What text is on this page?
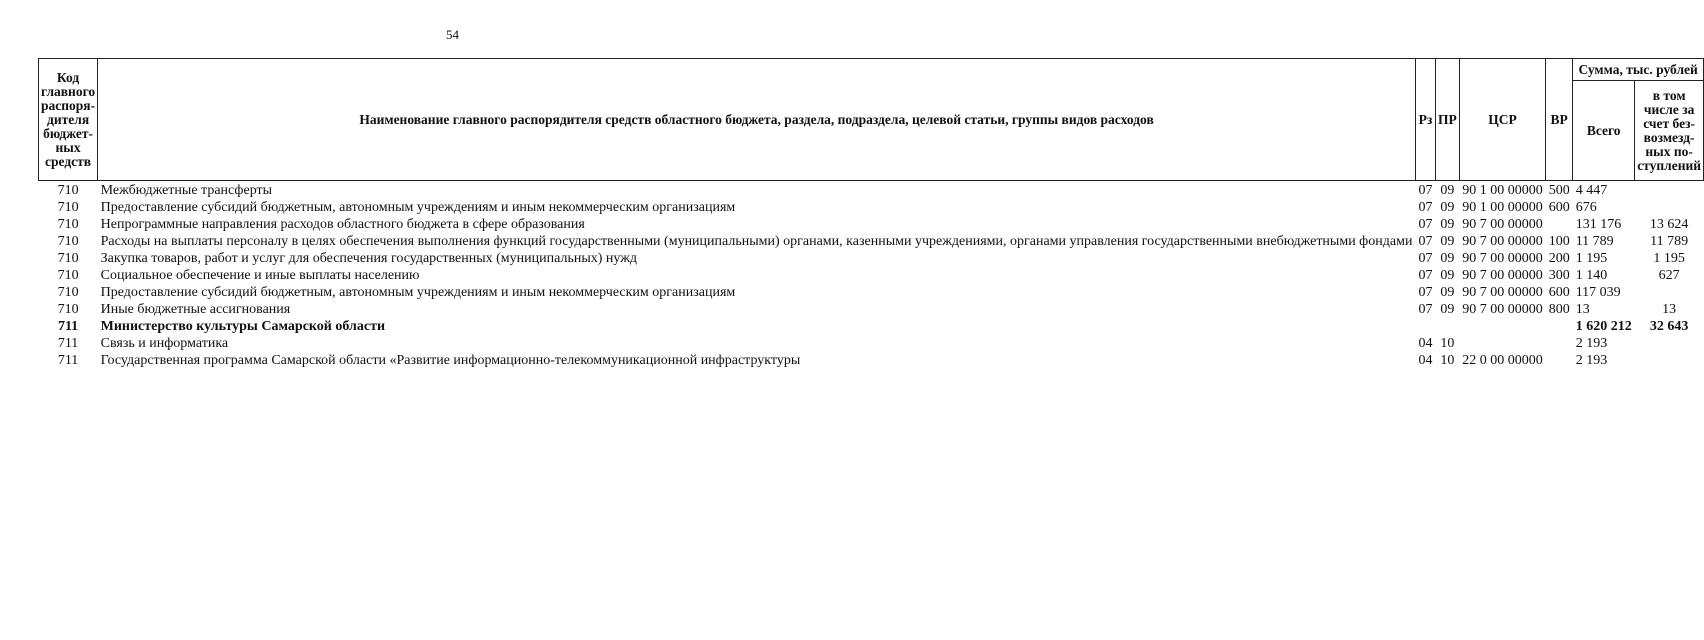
54
Код главного распоря-дителя бюджет-ных средств	Наименование главного распорядителя средств областного бюджета, раздела, подраздела, целевой статьи, группы видов расходов	Рз	ПР	ЦСР	ВР	Сумма, тыс. рублей	
						Всего	в том числе за счет без-возмезд-ных по-ступлений
710	Межбюджетные трансферты	07	09	90 1 00 00000	500	4 447	
710	Предоставление субсидий бюджетным, автономным учреждениям и иным некоммерческим организациям	07	09	90 1 00 00000	600	676	
710	Непрограммные направления расходов областного бюджета в сфере образования	07	09	90 7 00 00000		131 176	13 624
710	Расходы на выплаты персоналу в целях обеспечения выполнения функций государственными (муниципальными) органами, казенными учреждениями, органами управления государственными внебюджетными фондами	07	09	90 7 00 00000	100	11 789	11 789
710	Закупка товаров, работ и услуг для обеспечения государственных (муниципальных) нужд	07	09	90 7 00 00000	200	1 195	1 195
710	Социальное обеспечение и иные выплаты населению	07	09	90 7 00 00000	300	1 140	627
710	Предоставление субсидий бюджетным, автономным учреждениям и иным некоммерческим организациям	07	09	90 7 00 00000	600	117 039	
710	Иные бюджетные ассигнования	07	09	90 7 00 00000	800	13	13
711	Министерство культуры Самарской области					1 620 212	32 643
711	Связь и информатика	04	10			2 193	
711	Государственная программа Самарской области «Развитие информационно-телекоммуникационной инфраструктуры	04	10	22 0 00 00000		2 193	
